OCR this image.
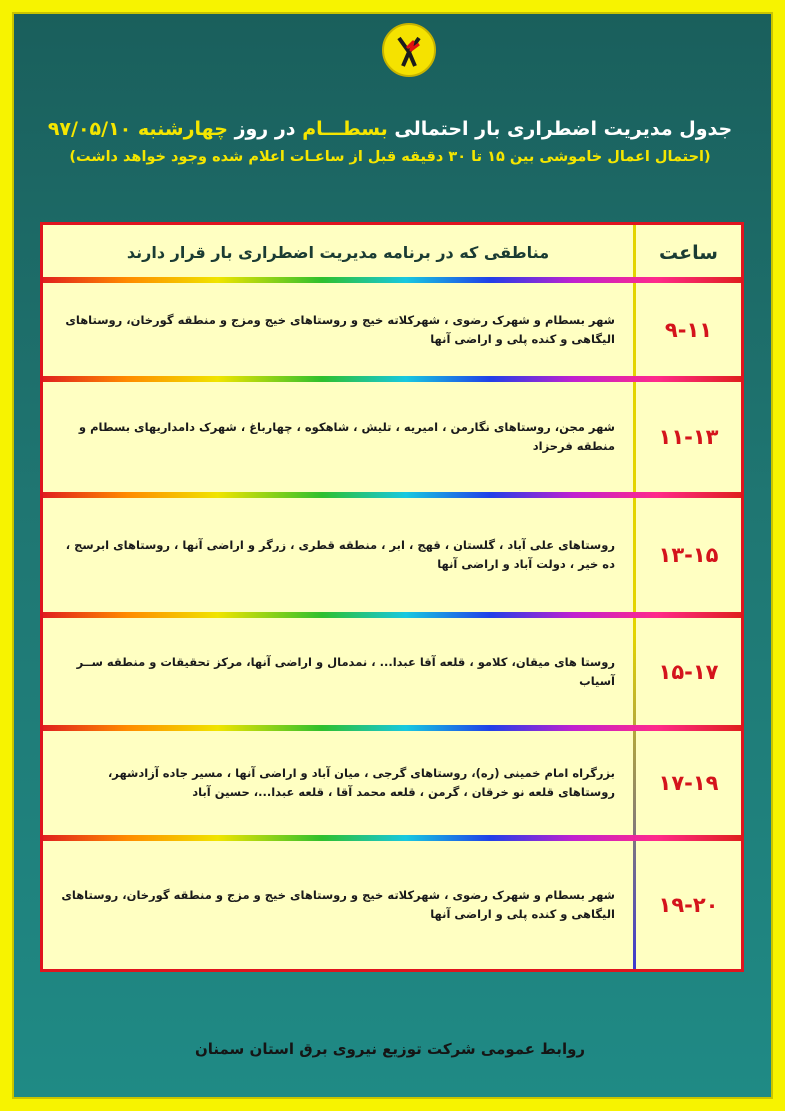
جدول مدیریت اضطراری بار احتمالی بسطـــام در روز چهارشنبه ۹۷/۰۵/۱۰
(احتمال اعمال خاموشی بین ۱۵ تا ۳۰ دقیقه قبل از ساعـات اعلام شده وجود خواهد داشت)
ساعت
مناطقی که در برنامه مدیریت اضطراری بار قرار دارند
۹-۱۱
شهر بسطام و شهرک رضوی ، شهرکلاته خیج و روستاهای خیج ومزج و منطقه گورخان، روستاهای الیگاهی و کنده پلی و اراضی آنها
۱۱-۱۳
شهر مجن، روستاهای نگارمن ، امیریه ، تلیش ، شاهکوه ، چهارباغ ، شهرک دامداریهای بسطام و منطقه فرحزاد
۱۳-۱۵
روستاهای علی آباد ، گلستان ، قهج ، ابر ، منطقه قطری ، زرگر و اراضی آنها ، روستاهای ابرسج ، ده خیر ، دولت آباد و اراضی آنها
۱۵-۱۷
روستا های میقان، کلامو ، قلعه آقا عبدا... ، نمدمال و اراضی آنها، مرکز تحقیقات و منطقه ســر آسیاب
۱۷-۱۹
بزرگراه امام خمینی (ره)، روستاهای گرجی ، میان آباد و اراضی آنها ، مسیر جاده آزادشهر، روستاهای قلعه نو خرقان ، گرمن ، قلعه محمد آقا ، قلعه عبدا...، حسین آباد
۱۹-۲۰
شهر بسطام و شهرک رضوی ، شهرکلاته خیج و روستاهای خیج و مزج و منطقه گورخان، روستاهای الیگاهی و کنده پلی و اراضی آنها
روابط عمومی شرکت توزیع نیروی برق استان سمنان
